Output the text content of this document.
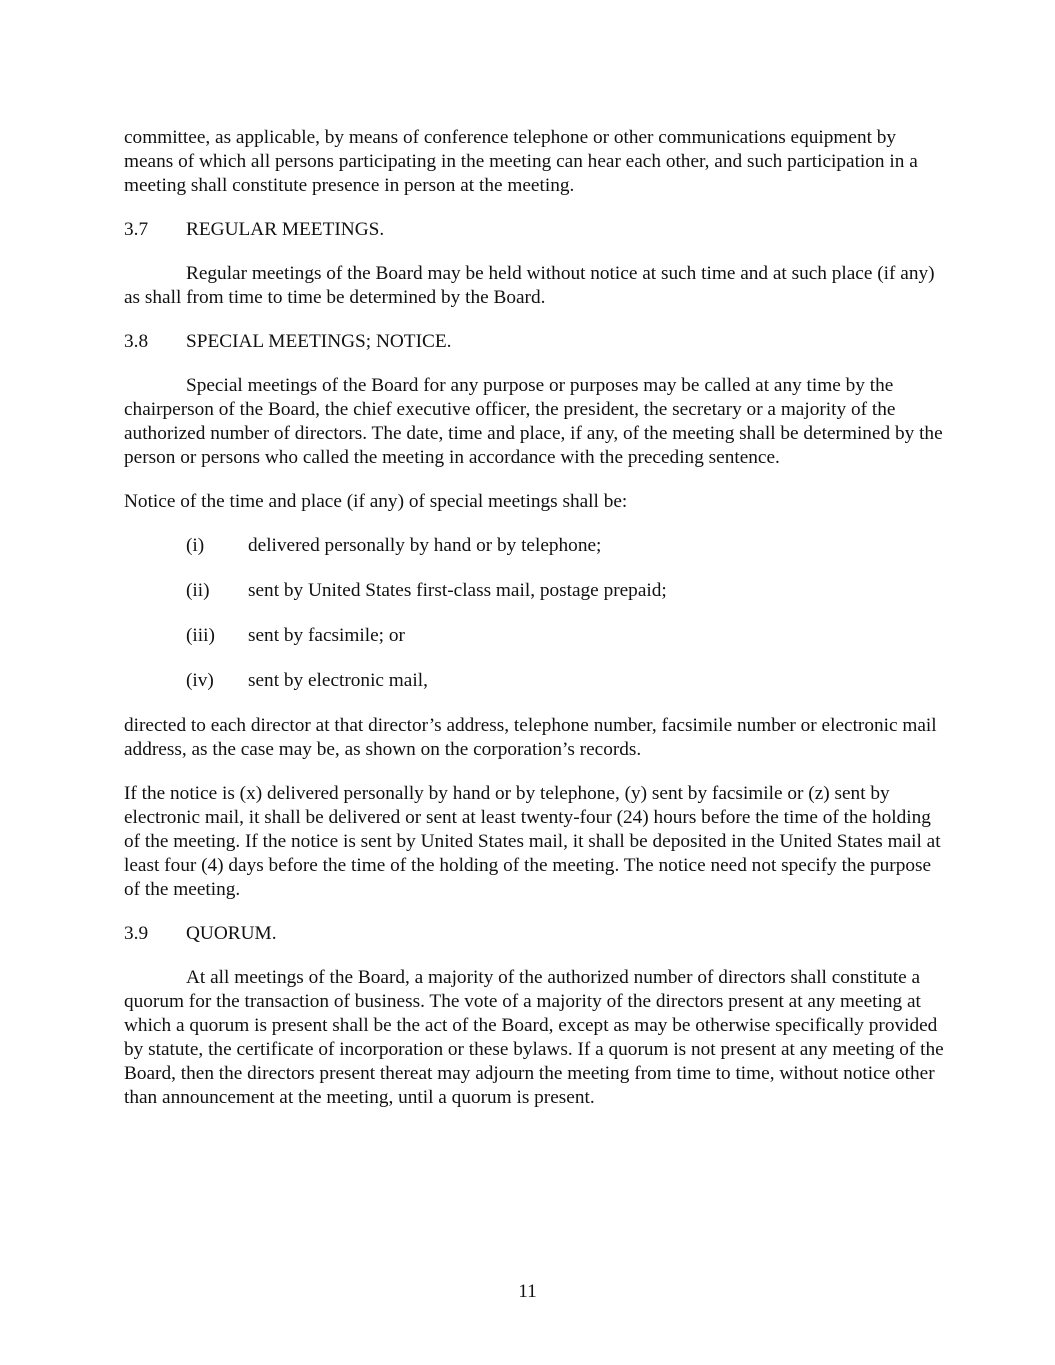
committee, as applicable, by means of conference telephone or other communications equipment by means of which all persons participating in the meeting can hear each other, and such participation in a meeting shall constitute presence in person at the meeting.

3.7 REGULAR MEETINGS.

Regular meetings of the Board may be held without notice at such time and at such place (if any) as shall from time to time be determined by the Board.

3.8 SPECIAL MEETINGS; NOTICE.

Special meetings of the Board for any purpose or purposes may be called at any time by the chairperson of the Board, the chief executive officer, the president, the secretary or a majority of the authorized number of directors. The date, time and place, if any, of the meeting shall be determined by the person or persons who called the meeting in accordance with the preceding sentence.

Notice of the time and place (if any) of special meetings shall be:

(i) delivered personally by hand or by telephone;

(ii) sent by United States first-class mail, postage prepaid;

(iii) sent by facsimile; or

(iv) sent by electronic mail,

directed to each director at that director’s address, telephone number, facsimile number or electronic mail address, as the case may be, as shown on the corporation’s records.

If the notice is (x) delivered personally by hand or by telephone, (y) sent by facsimile or (z) sent by electronic mail, it shall be delivered or sent at least twenty-four (24) hours before the time of the holding of the meeting. If the notice is sent by United States mail, it shall be deposited in the United States mail at least four (4) days before the time of the holding of the meeting. The notice need not specify the purpose of the meeting.

3.9 QUORUM.

At all meetings of the Board, a majority of the authorized number of directors shall constitute a quorum for the transaction of business. The vote of a majority of the directors present at any meeting at which a quorum is present shall be the act of the Board, except as may be otherwise specifically provided by statute, the certificate of incorporation or these bylaws. If a quorum is not present at any meeting of the Board, then the directors present thereat may adjourn the meeting from time to time, without notice other than announcement at the meeting, until a quorum is present.

11
